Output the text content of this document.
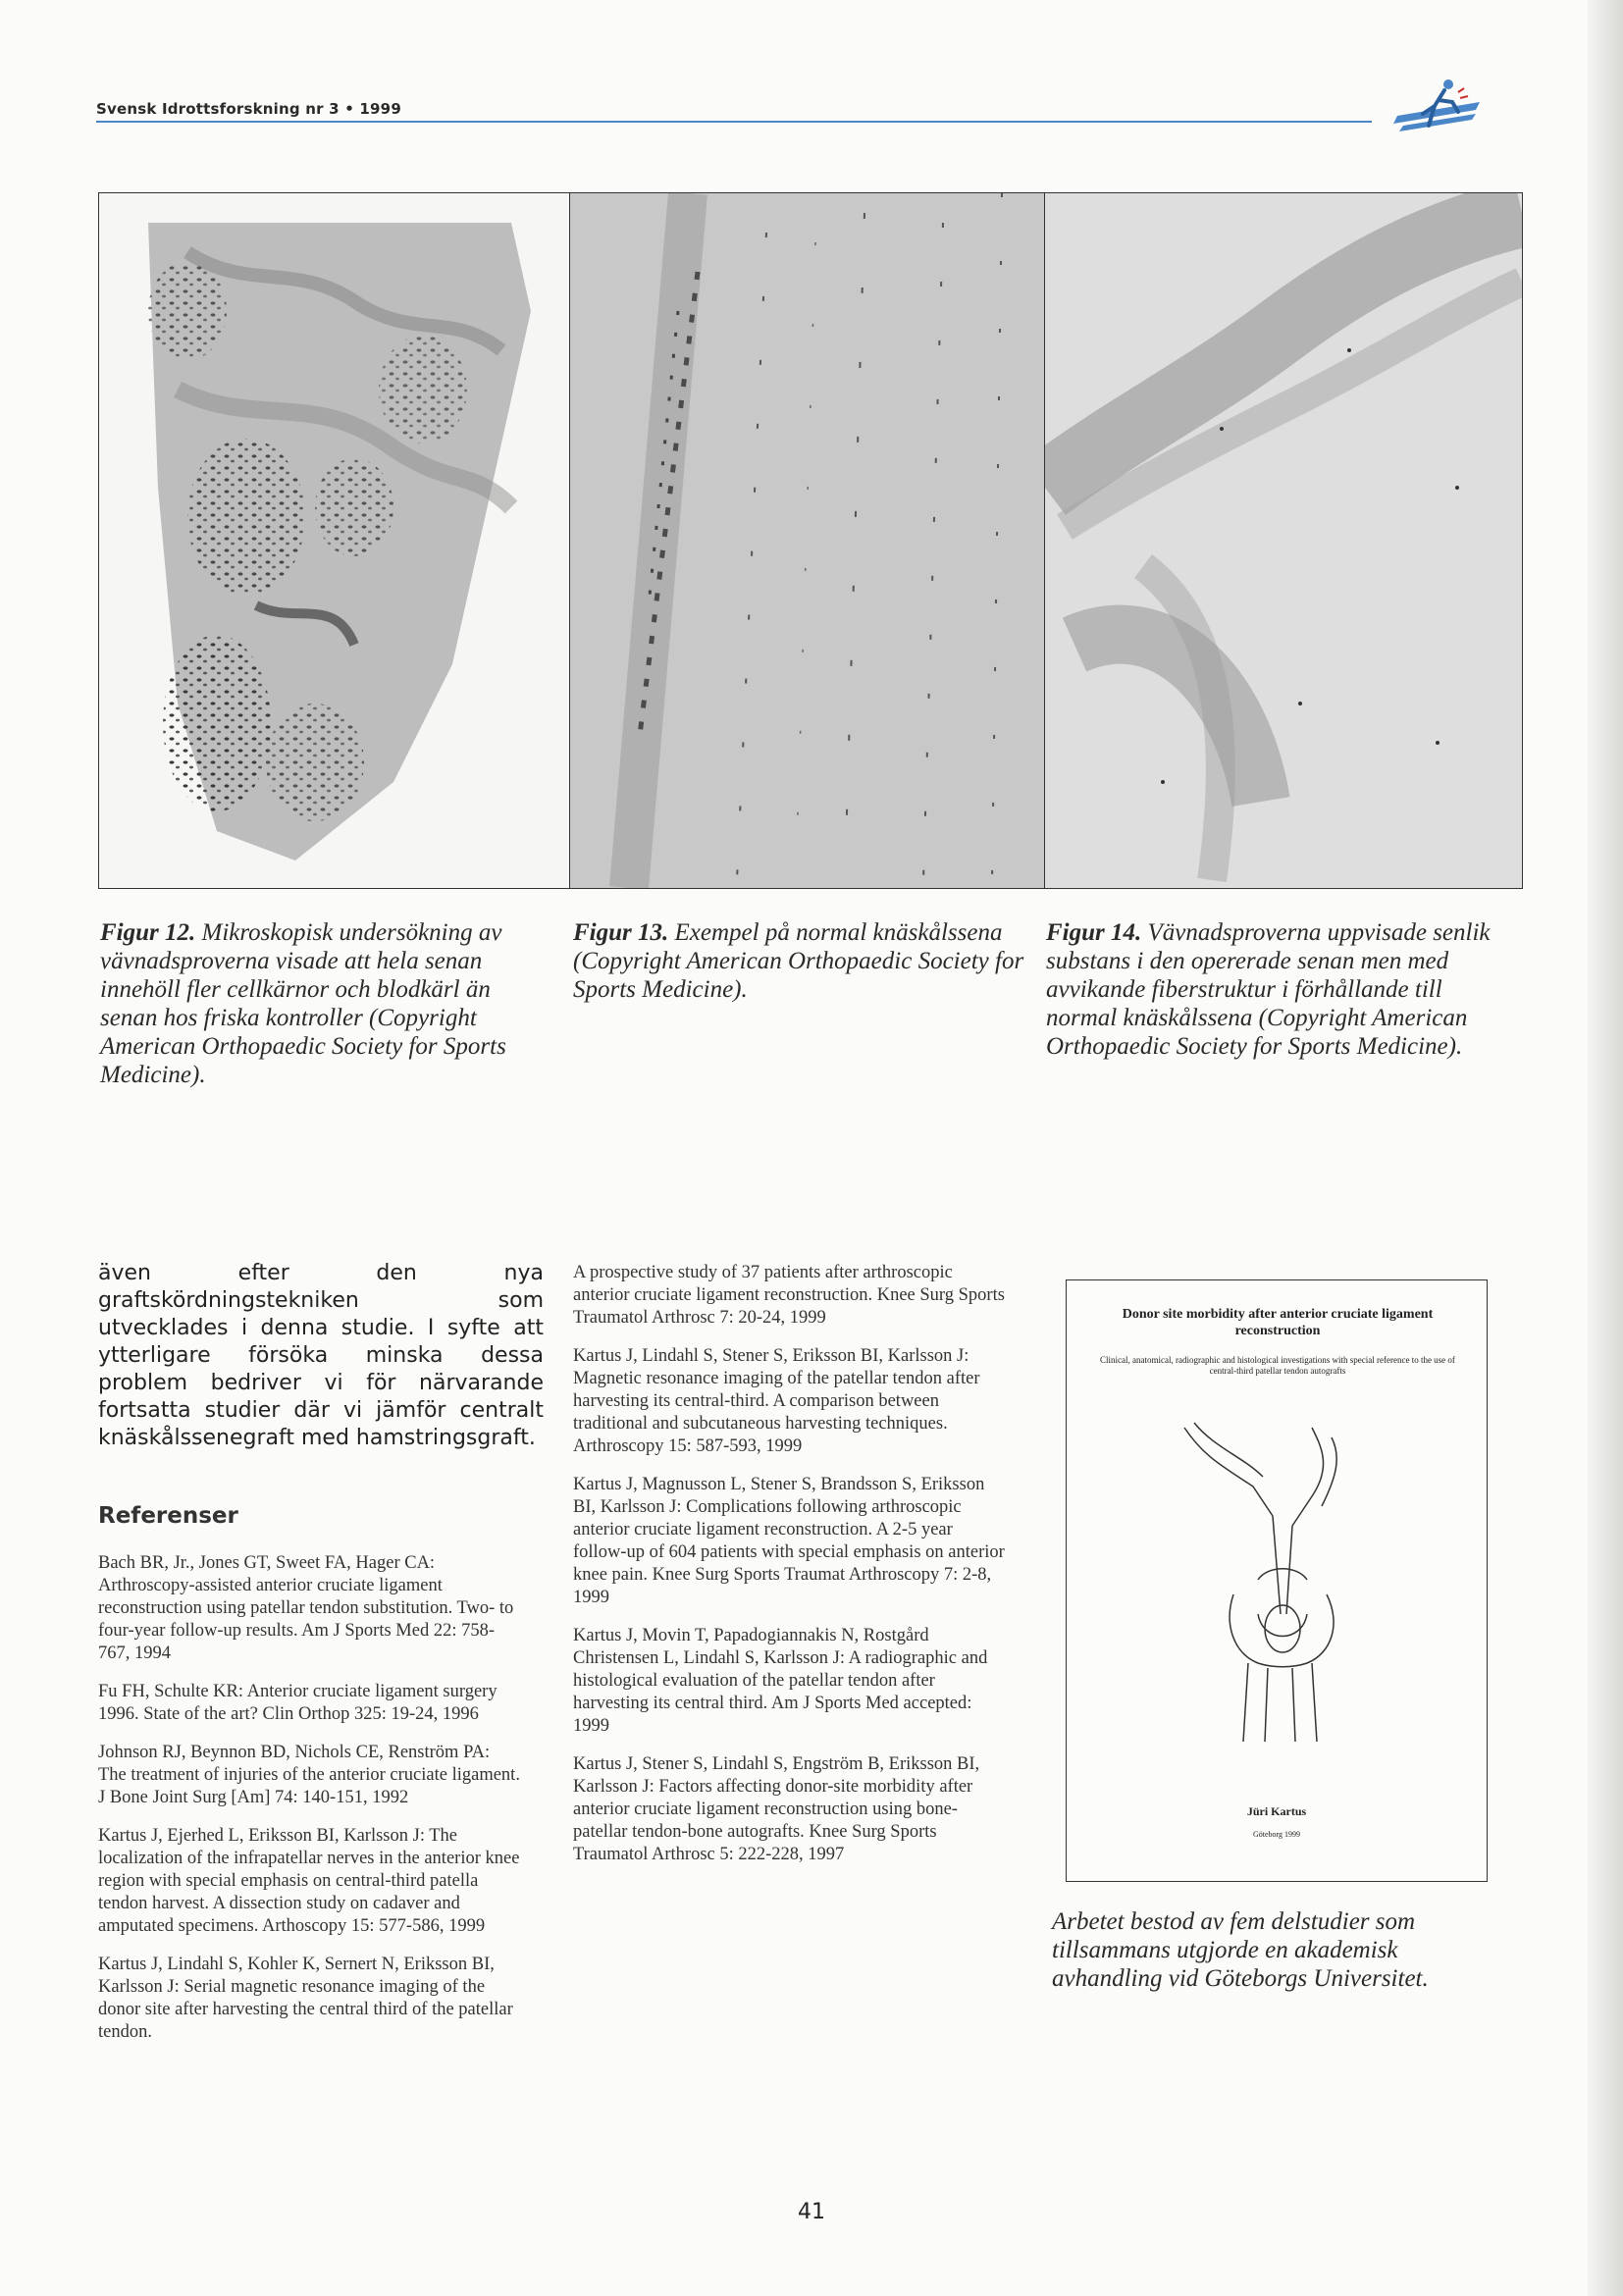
Svensk Idrottsforskning nr 3 • 1999
Figur 12. Mikroskopisk undersökning av vävnadsproverna visade att hela senan innehöll fler cellkärnor och blodkärl än senan hos friska kontroller (Copyright American Orthopaedic Society for Sports Medicine).
Figur 13. Exempel på normal knäskålssena (Copyright American Orthopaedic Society for Sports Medicine).
Figur 14. Vävnadsproverna uppvisade senlik substans i den opererade senan men med avvikande fiberstruktur i förhållande till normal knäskålssena (Copyright American Orthopaedic Society for Sports Medicine).
även efter den nya graftskördningstekniken som utvecklades i denna studie. I syfte att ytterligare försöka minska dessa problem bedriver vi för närvarande fortsatta studier där vi jämför centralt knäskålssenegraft med hamstringsgraft.
Referenser

Bach BR, Jr., Jones GT, Sweet FA, Hager CA: Arthroscopy-assisted anterior cruciate ligament reconstruction using patellar tendon substitution. Two- to four-year follow-up results. Am J Sports Med 22: 758-767, 1994

Fu FH, Schulte KR: Anterior cruciate ligament surgery 1996. State of the art? Clin Orthop 325: 19-24, 1996

Johnson RJ, Beynnon BD, Nichols CE, Renström PA: The treatment of injuries of the anterior cruciate ligament. J Bone Joint Surg [Am] 74: 140-151, 1992

Kartus J, Ejerhed L, Eriksson BI, Karlsson J: The localization of the infrapatellar nerves in the anterior knee region with special emphasis on central-third patella tendon harvest. A dissection study on cadaver and amputated specimens. Arthoscopy 15: 577-586, 1999

Kartus J, Lindahl S, Kohler K, Sernert N, Eriksson BI, Karlsson J: Serial magnetic resonance imaging of the donor site after harvesting the central third of the patellar tendon.

A prospective study of 37 patients after arthroscopic anterior cruciate ligament reconstruction. Knee Surg Sports Traumatol Arthrosc 7: 20-24, 1999

Kartus J, Lindahl S, Stener S, Eriksson BI, Karlsson J: Magnetic resonance imaging of the patellar tendon after harvesting its central-third. A comparison between traditional and subcutaneous harvesting techniques. Arthroscopy 15: 587-593, 1999

Kartus J, Magnusson L, Stener S, Brandsson S, Eriksson BI, Karlsson J: Complications following arthroscopic anterior cruciate ligament reconstruction. A 2-5 year follow-up of 604 patients with special emphasis on anterior knee pain. Knee Surg Sports Traumat Arthroscopy 7: 2-8, 1999

Kartus J, Movin T, Papadogiannakis N, Rostgård Christensen L, Lindahl S, Karlsson J: A radiographic and histological evaluation of the patellar tendon after harvesting its central third. Am J Sports Med accepted: 1999

Kartus J, Stener S, Lindahl S, Engström B, Eriksson BI, Karlsson J: Factors affecting donor-site morbidity after anterior cruciate ligament reconstruction using bone-patellar tendon-bone autografts. Knee Surg Sports Traumatol Arthrosc 5: 222-228, 1997

Donor site morbidity after anterior cruciate ligament reconstruction
Clinical, anatomical, radiographic and histological investigations with special reference to the use of central-third patellar tendon autografts
Jüri Kartus
Göteborg 1999
Arbetet bestod av fem delstudier som tillsammans utgjorde en akademisk avhandling vid Göteborgs Universitet.
41
